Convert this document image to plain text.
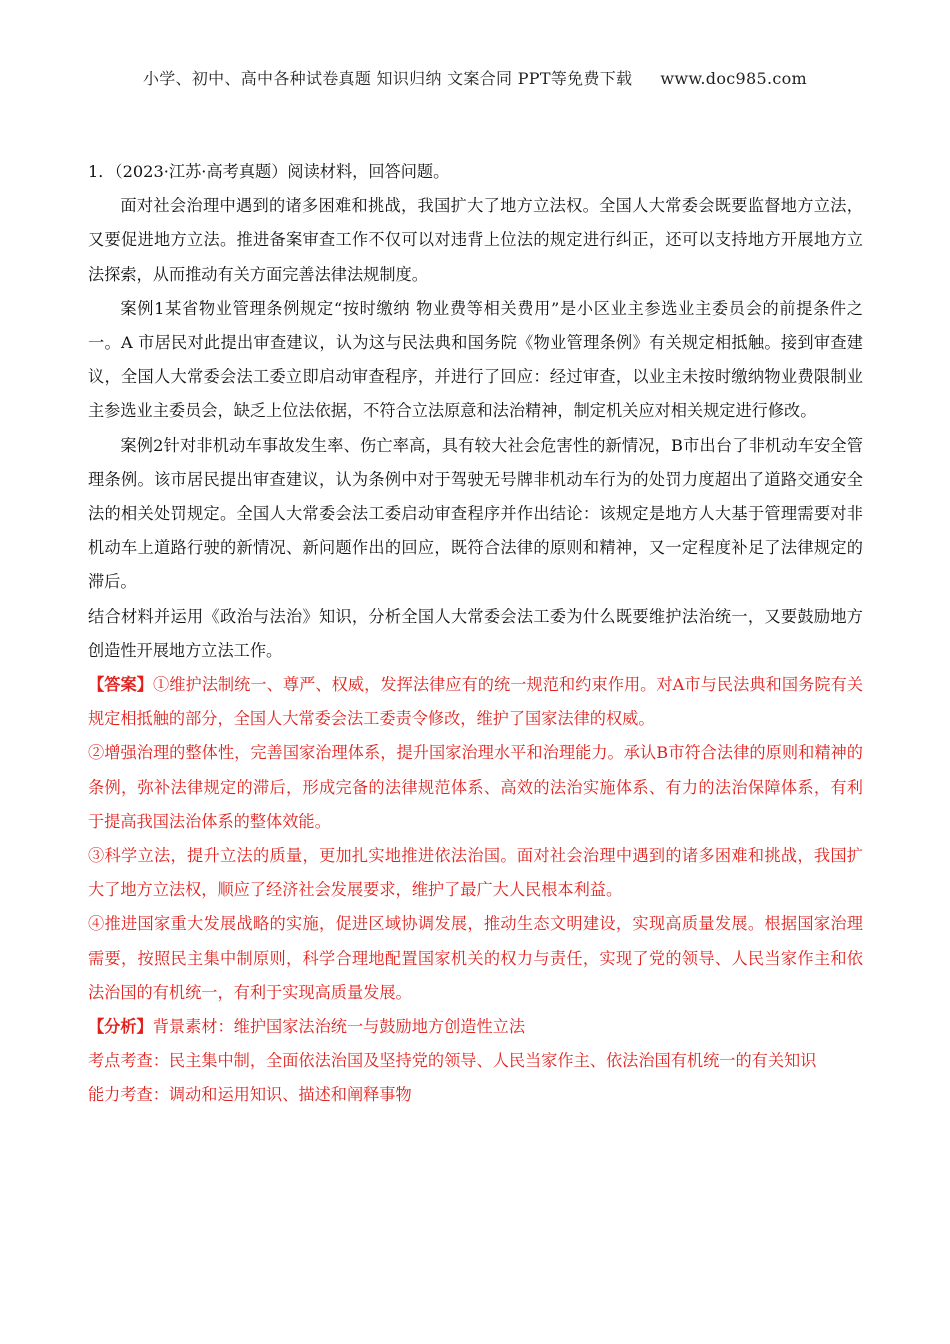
小学、初中、高中各种试卷真题 知识归纳 文案合同 PPT等免费下载 www.doc985.com

1．（2023·江苏·高考真题）阅读材料，回答问题。

面对社会治理中遇到的诸多困难和挑战，我国扩大了地方立法权。全国人大常委会既要监督地方立法，又要促进地方立法。推进备案审查工作不仅可以对违背上位法的规定进行纠正，还可以支持地方开展地方立法探索，从而推动有关方面完善法律法规制度。

案例1某省物业管理条例规定“按时缴纳 物业费等相关费用”是小区业主参选业主委员会的前提条件之一。A 市居民对此提出审查建议，认为这与民法典和国务院《物业管理条例》有关规定相抵触。接到审查建议，全国人大常委会法工委立即启动审查程序，并进行了回应：经过审查，以业主未按时缴纳物业费限制业主参选业主委员会，缺乏上位法依据，不符合立法原意和法治精神，制定机关应对相关规定进行修改。

案例2针对非机动车事故发生率、伤亡率高，具有较大社会危害性的新情况，B市出台了非机动车安全管理条例。该市居民提出审查建议，认为条例中对于驾驶无号牌非机动车行为的处罚力度超出了道路交通安全法的相关处罚规定。全国人大常委会法工委启动审查程序并作出结论：该规定是地方人大基于管理需要对非机动车上道路行驶的新情况、新问题作出的回应，既符合法律的原则和精神，又一定程度补足了法律规定的滞后。

结合材料并运用《政治与法治》知识，分析全国人大常委会法工委为什么既要维护法治统一，又要鼓励地方创造性开展地方立法工作。

【答案】①维护法制统一、尊严、权威，发挥法律应有的统一规范和约束作用。对A市与民法典和国务院有关规定相抵触的部分，全国人大常委会法工委责令修改，维护了国家法律的权威。

②增强治理的整体性，完善国家治理体系，提升国家治理水平和治理能力。承认B市符合法律的原则和精神的条例，弥补法律规定的滞后，形成完备的法律规范体系、高效的法治实施体系、有力的法治保障体系，有利于提高我国法治体系的整体效能。

③科学立法，提升立法的质量，更加扎实地推进依法治国。面对社会治理中遇到的诸多困难和挑战，我国扩大了地方立法权，顺应了经济社会发展要求，维护了最广大人民根本利益。

④推进国家重大发展战略的实施，促进区域协调发展，推动生态文明建设，实现高质量发展。根据国家治理需要，按照民主集中制原则，科学合理地配置国家机关的权力与责任，实现了党的领导、人民当家作主和依法治国的有机统一，有利于实现高质量发展。

【分析】背景素材：维护国家法治统一与鼓励地方创造性立法

考点考查：民主集中制，全面依法治国及坚持党的领导、人民当家作主、依法治国有机统一的有关知识

能力考查：调动和运用知识、描述和阐释事物
